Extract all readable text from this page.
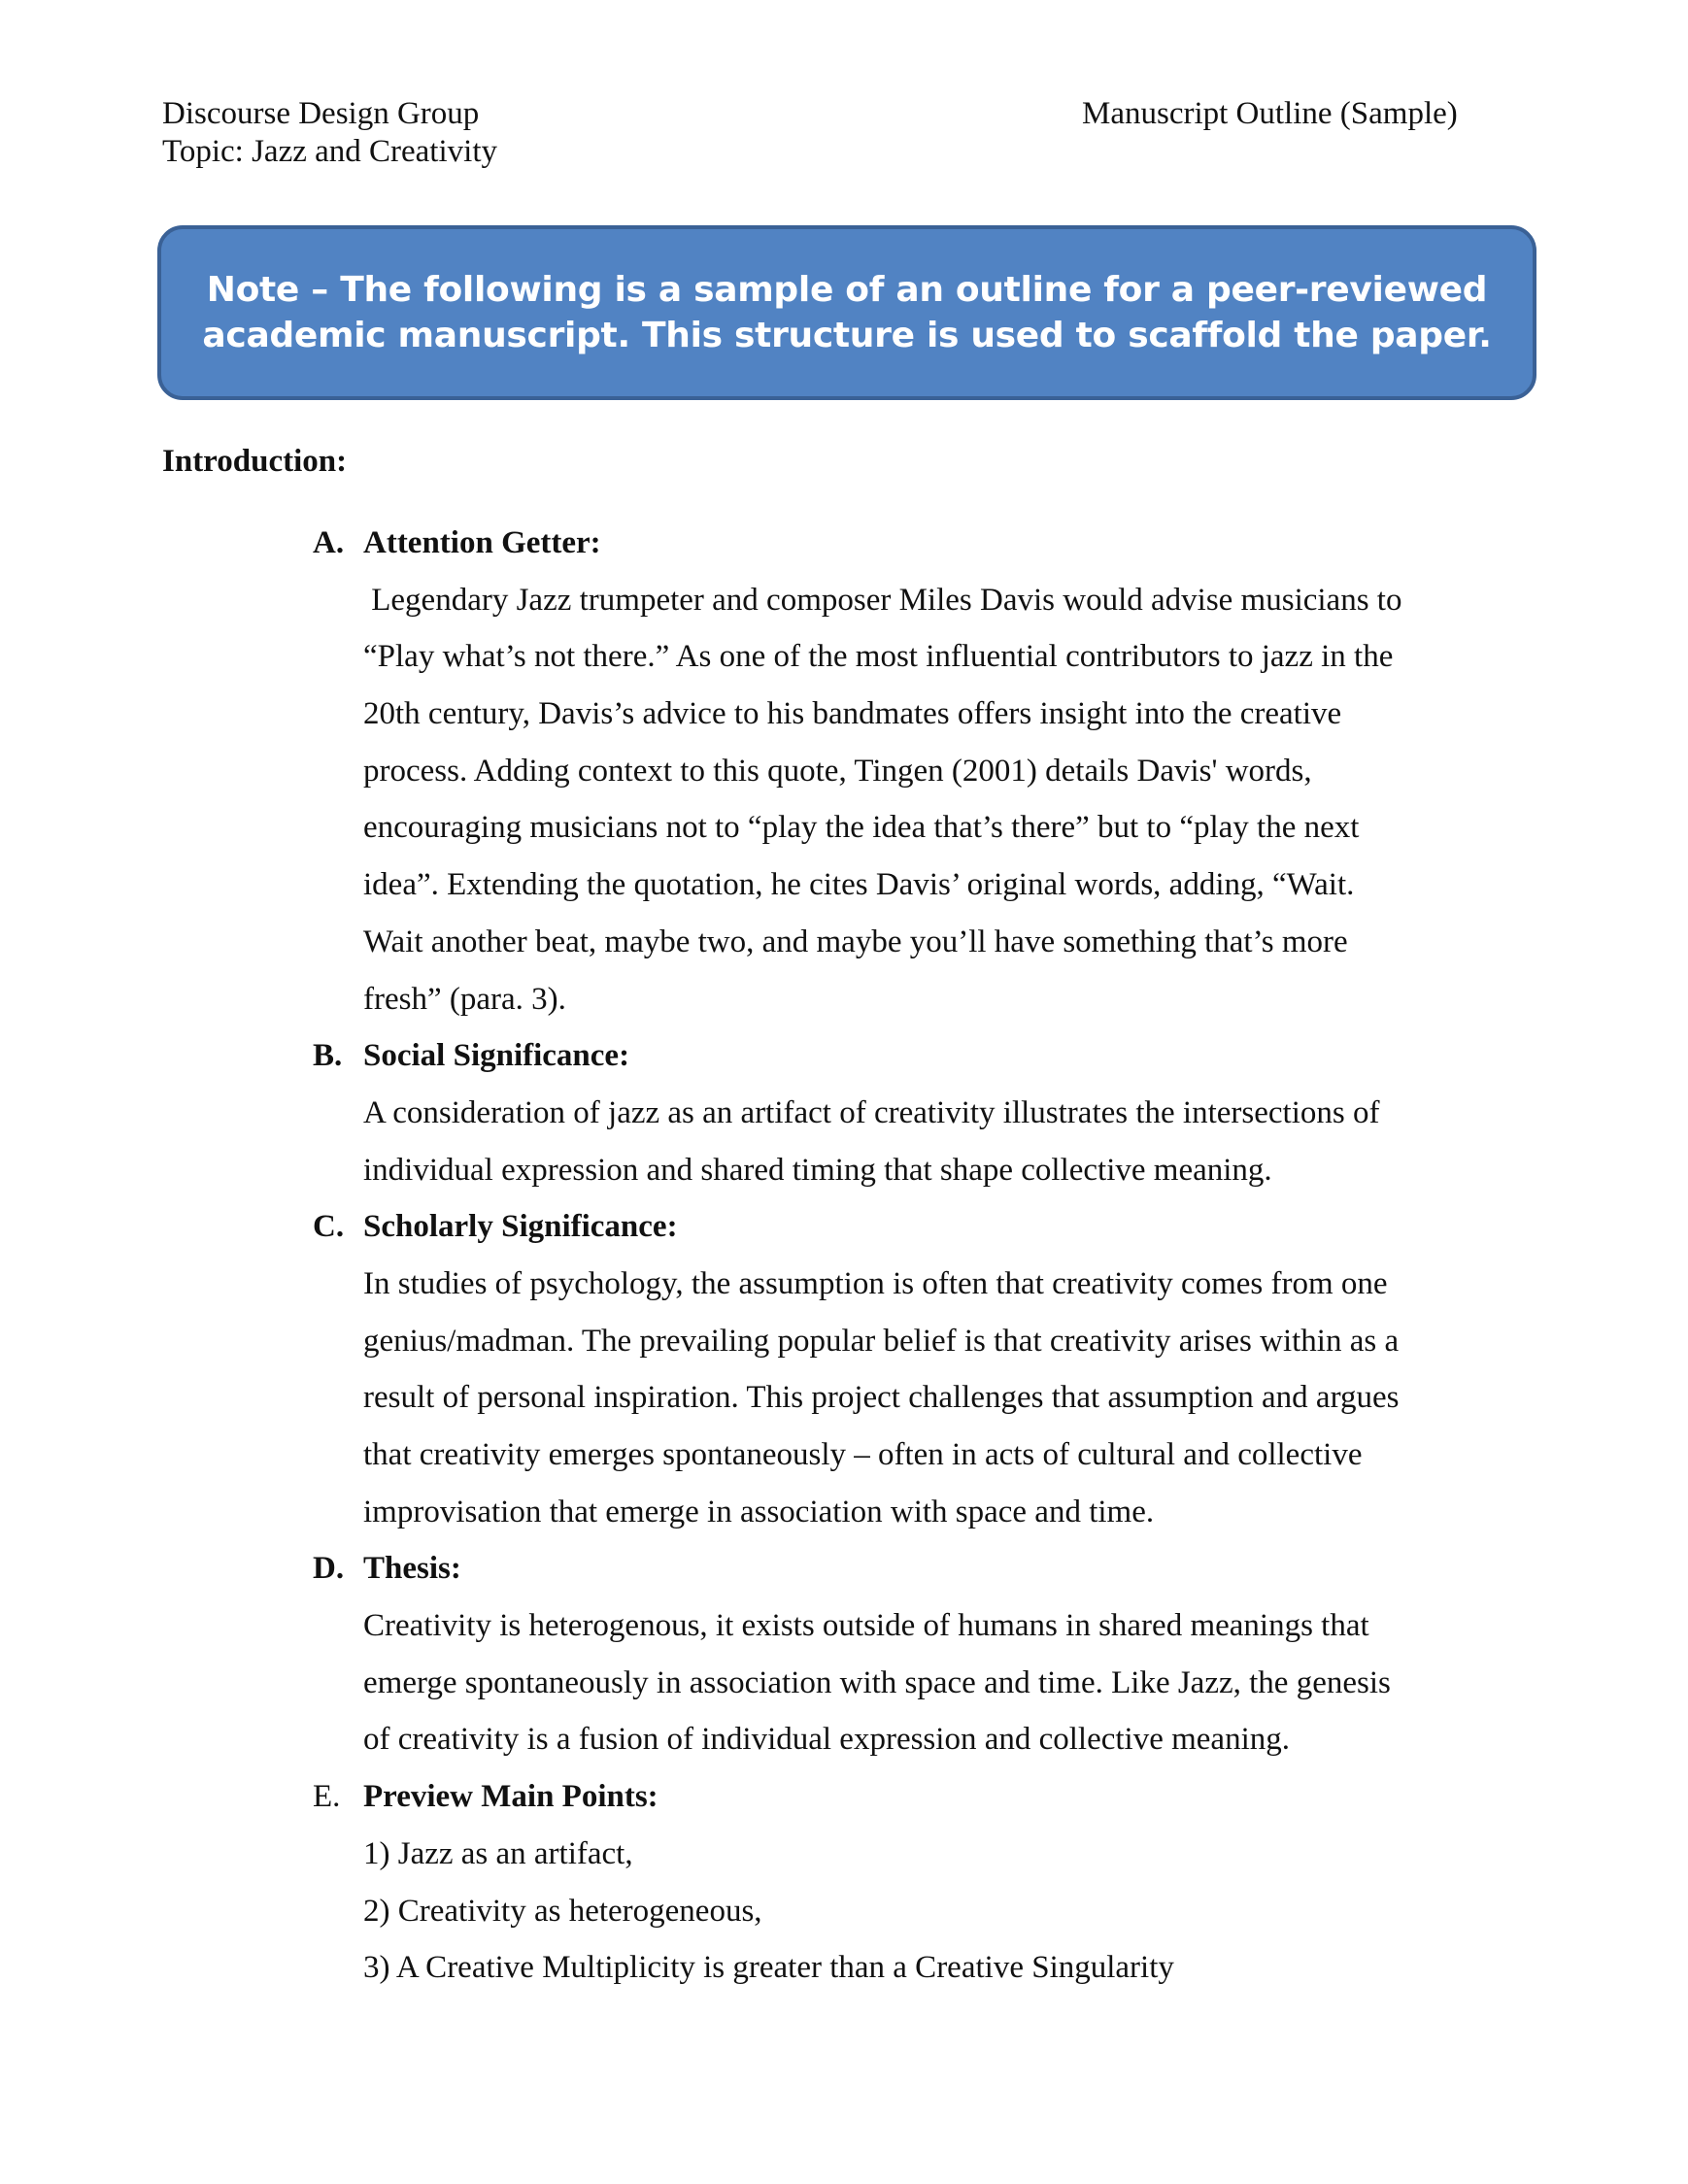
Discourse Design Group
Topic: Jazz and Creativity
Manuscript Outline (Sample)
Note – The following is a sample of an outline for a peer-reviewed academic manuscript. This structure is used to scaffold the paper.
Introduction:
A. Attention Getter:
Legendary Jazz trumpeter and composer Miles Davis would advise musicians to
“Play what’s not there.” As one of the most influential contributors to jazz in the
20th century, Davis’s advice to his bandmates offers insight into the creative
process. Adding context to this quote, Tingen (2001) details Davis' words,
encouraging musicians not to “play the idea that’s there” but to “play the next
idea”. Extending the quotation, he cites Davis’ original words, adding, “Wait.
Wait another beat, maybe two, and maybe you’ll have something that’s more
fresh” (para. 3).
B. Social Significance:
A consideration of jazz as an artifact of creativity illustrates the intersections of
individual expression and shared timing that shape collective meaning.
C. Scholarly Significance:
In studies of psychology, the assumption is often that creativity comes from one
genius/madman. The prevailing popular belief is that creativity arises within as a
result of personal inspiration. This project challenges that assumption and argues
that creativity emerges spontaneously – often in acts of cultural and collective
improvisation that emerge in association with space and time.
D. Thesis:
Creativity is heterogenous, it exists outside of humans in shared meanings that
emerge spontaneously in association with space and time. Like Jazz, the genesis
of creativity is a fusion of individual expression and collective meaning.
E. Preview Main Points:
1) Jazz as an artifact,
2) Creativity as heterogeneous,
3) A Creative Multiplicity is greater than a Creative Singularity
